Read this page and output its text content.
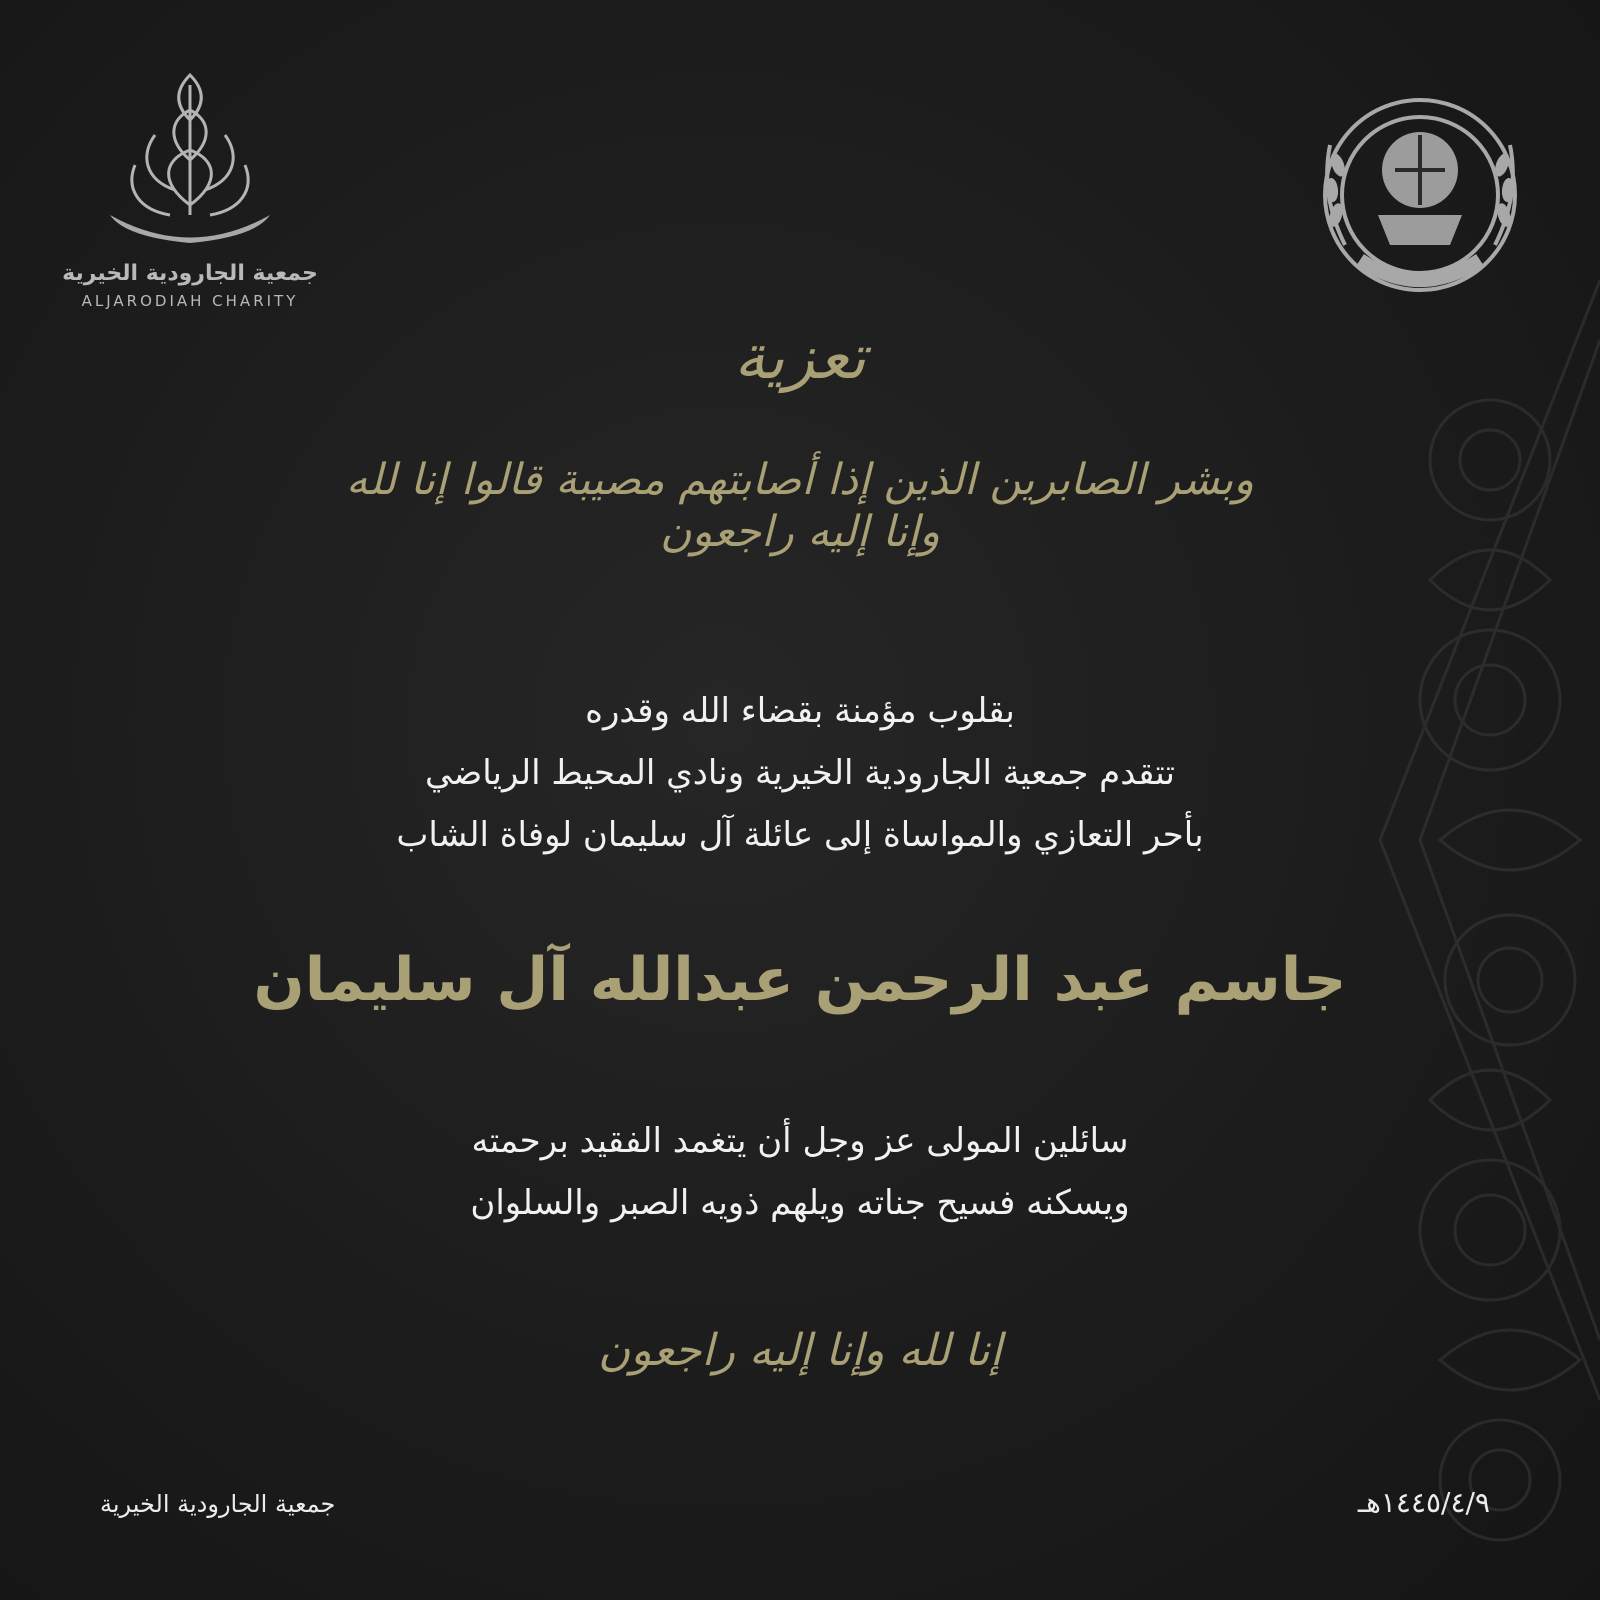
جمعية الجارودية الخيرية
ALJARODIAH CHARITY
تعزية
وبشر الصابرين الذين إذا أصابتهم مصيبة قالوا إنا لله وإنا إليه راجعون
بقلوب مؤمنة بقضاء الله وقدره
تتقدم جمعية الجارودية الخيرية ونادي المحيط الرياضي
بأحر التعازي والمواساة إلى عائلة آل سليمان لوفاة الشاب
جاسم عبد الرحمن عبدالله آل سليمان
سائلين المولى عز وجل أن يتغمد الفقيد برحمته
ويسكنه فسيح جناته ويلهم ذويه الصبر والسلوان
إنا لله وإنا إليه راجعون
جمعية الجارودية الخيرية	١٤٤٥/٤/٩هـ
